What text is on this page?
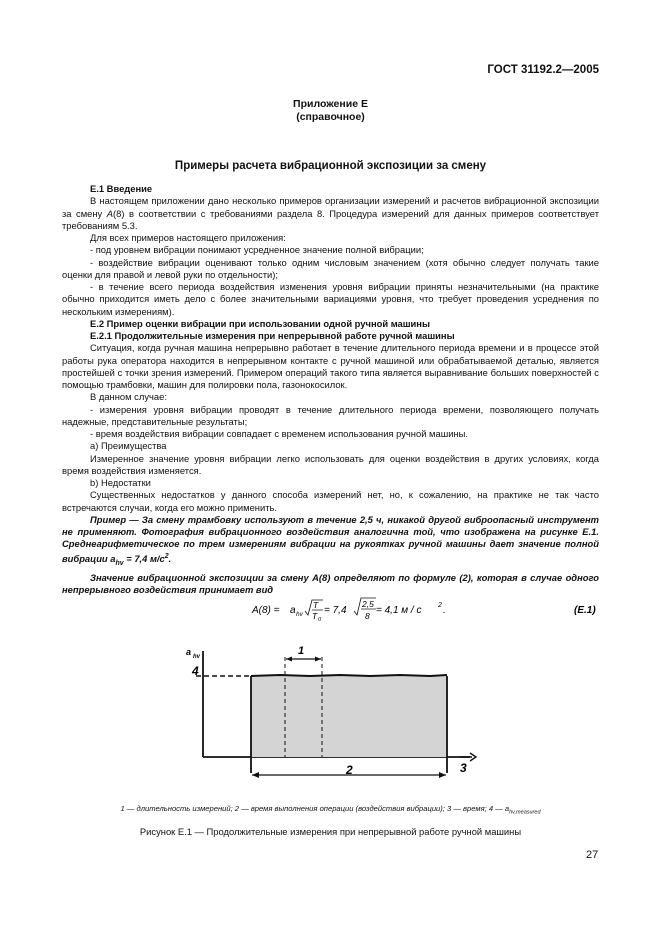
ГОСТ 31192.2—2005
Приложение Е
(справочное)
Примеры расчета вибрационной экспозиции за смену

Е.1 Введение

В настоящем приложении дано несколько примеров организации измерений и расчетов вибрационной экспозиции за смену A(8) в соответствии с требованиями раздела 8. Процедура измерений для данных примеров соответствует требованиям 5.3.

Для всех примеров настоящего приложения:

- под уровнем вибрации понимают усредненное значение полной вибрации;

- воздействие вибрации оценивают только одним числовым значением (хотя обычно следует получать такие оценки для правой и левой руки по отдельности);

- в течение всего периода воздействия изменения уровня вибрации приняты незначительными (на практике обычно приходится иметь дело с более значительными вариациями уровня, что требует проведения усреднения по нескольким измерениям).

Е.2 Пример оценки вибрации при использовании одной ручной машины

Е.2.1 Продолжительные измерения при непрерывной работе ручной машины

Ситуация, когда ручная машина непрерывно работает в течение длительного периода времени и в процессе этой работы рука оператора находится в непрерывном контакте с ручной машиной или обрабатываемой деталью, является простейшей с точки зрения измерений. Примером операций такого типа является выравнивание больших поверхностей с помощью трамбовки, машин для полировки пола, газонокосилок.

В данном случае:

- измерения уровня вибрации проводят в течение длительного периода времени, позволяющего получать надежные, представительные результаты;

- время воздействия вибрации совпадает с временем использования ручной машины.

а) Преимущества

Измеренное значение уровня вибрации легко использовать для оценки воздействия в других условиях, когда время воздействия изменяется.

b) Недостатки

Существенных недостатков у данного способа измерений нет, но, к сожалению, на практике не так часто встречаются случаи, когда его можно применить.

Пример — За смену трамбовку используют в течение 2,5 ч, никакой другой виброопасный инструмент не применяют. Фотография вибрационного воздействия аналогична той, что изображена на рисунке Е.1. Среднеарифметическое по трем измерениям вибрации на рукоятках ручной машины дает значение полной вибрации $a_{hv} = 7,4$ $м/с^2$.

Значение вибрационной экспозиции за смену A(8) определяют по формуле (2), которая в случае одного непрерывного воздействия принимает вид

A(8) = a hv
T
T 0
= 7,4
2,5
8 = 4,1 м / с 2 .	(Е.1)
a hv	1
2	3
4
1 — длительность измерений; 2 — время выполнения операции (воздействия вибрации); 3 — время; 4 — $a_{hv,measured}$
Рисунок Е.1 — Продолжительные измерения при непрерывной работе ручной машины
27
